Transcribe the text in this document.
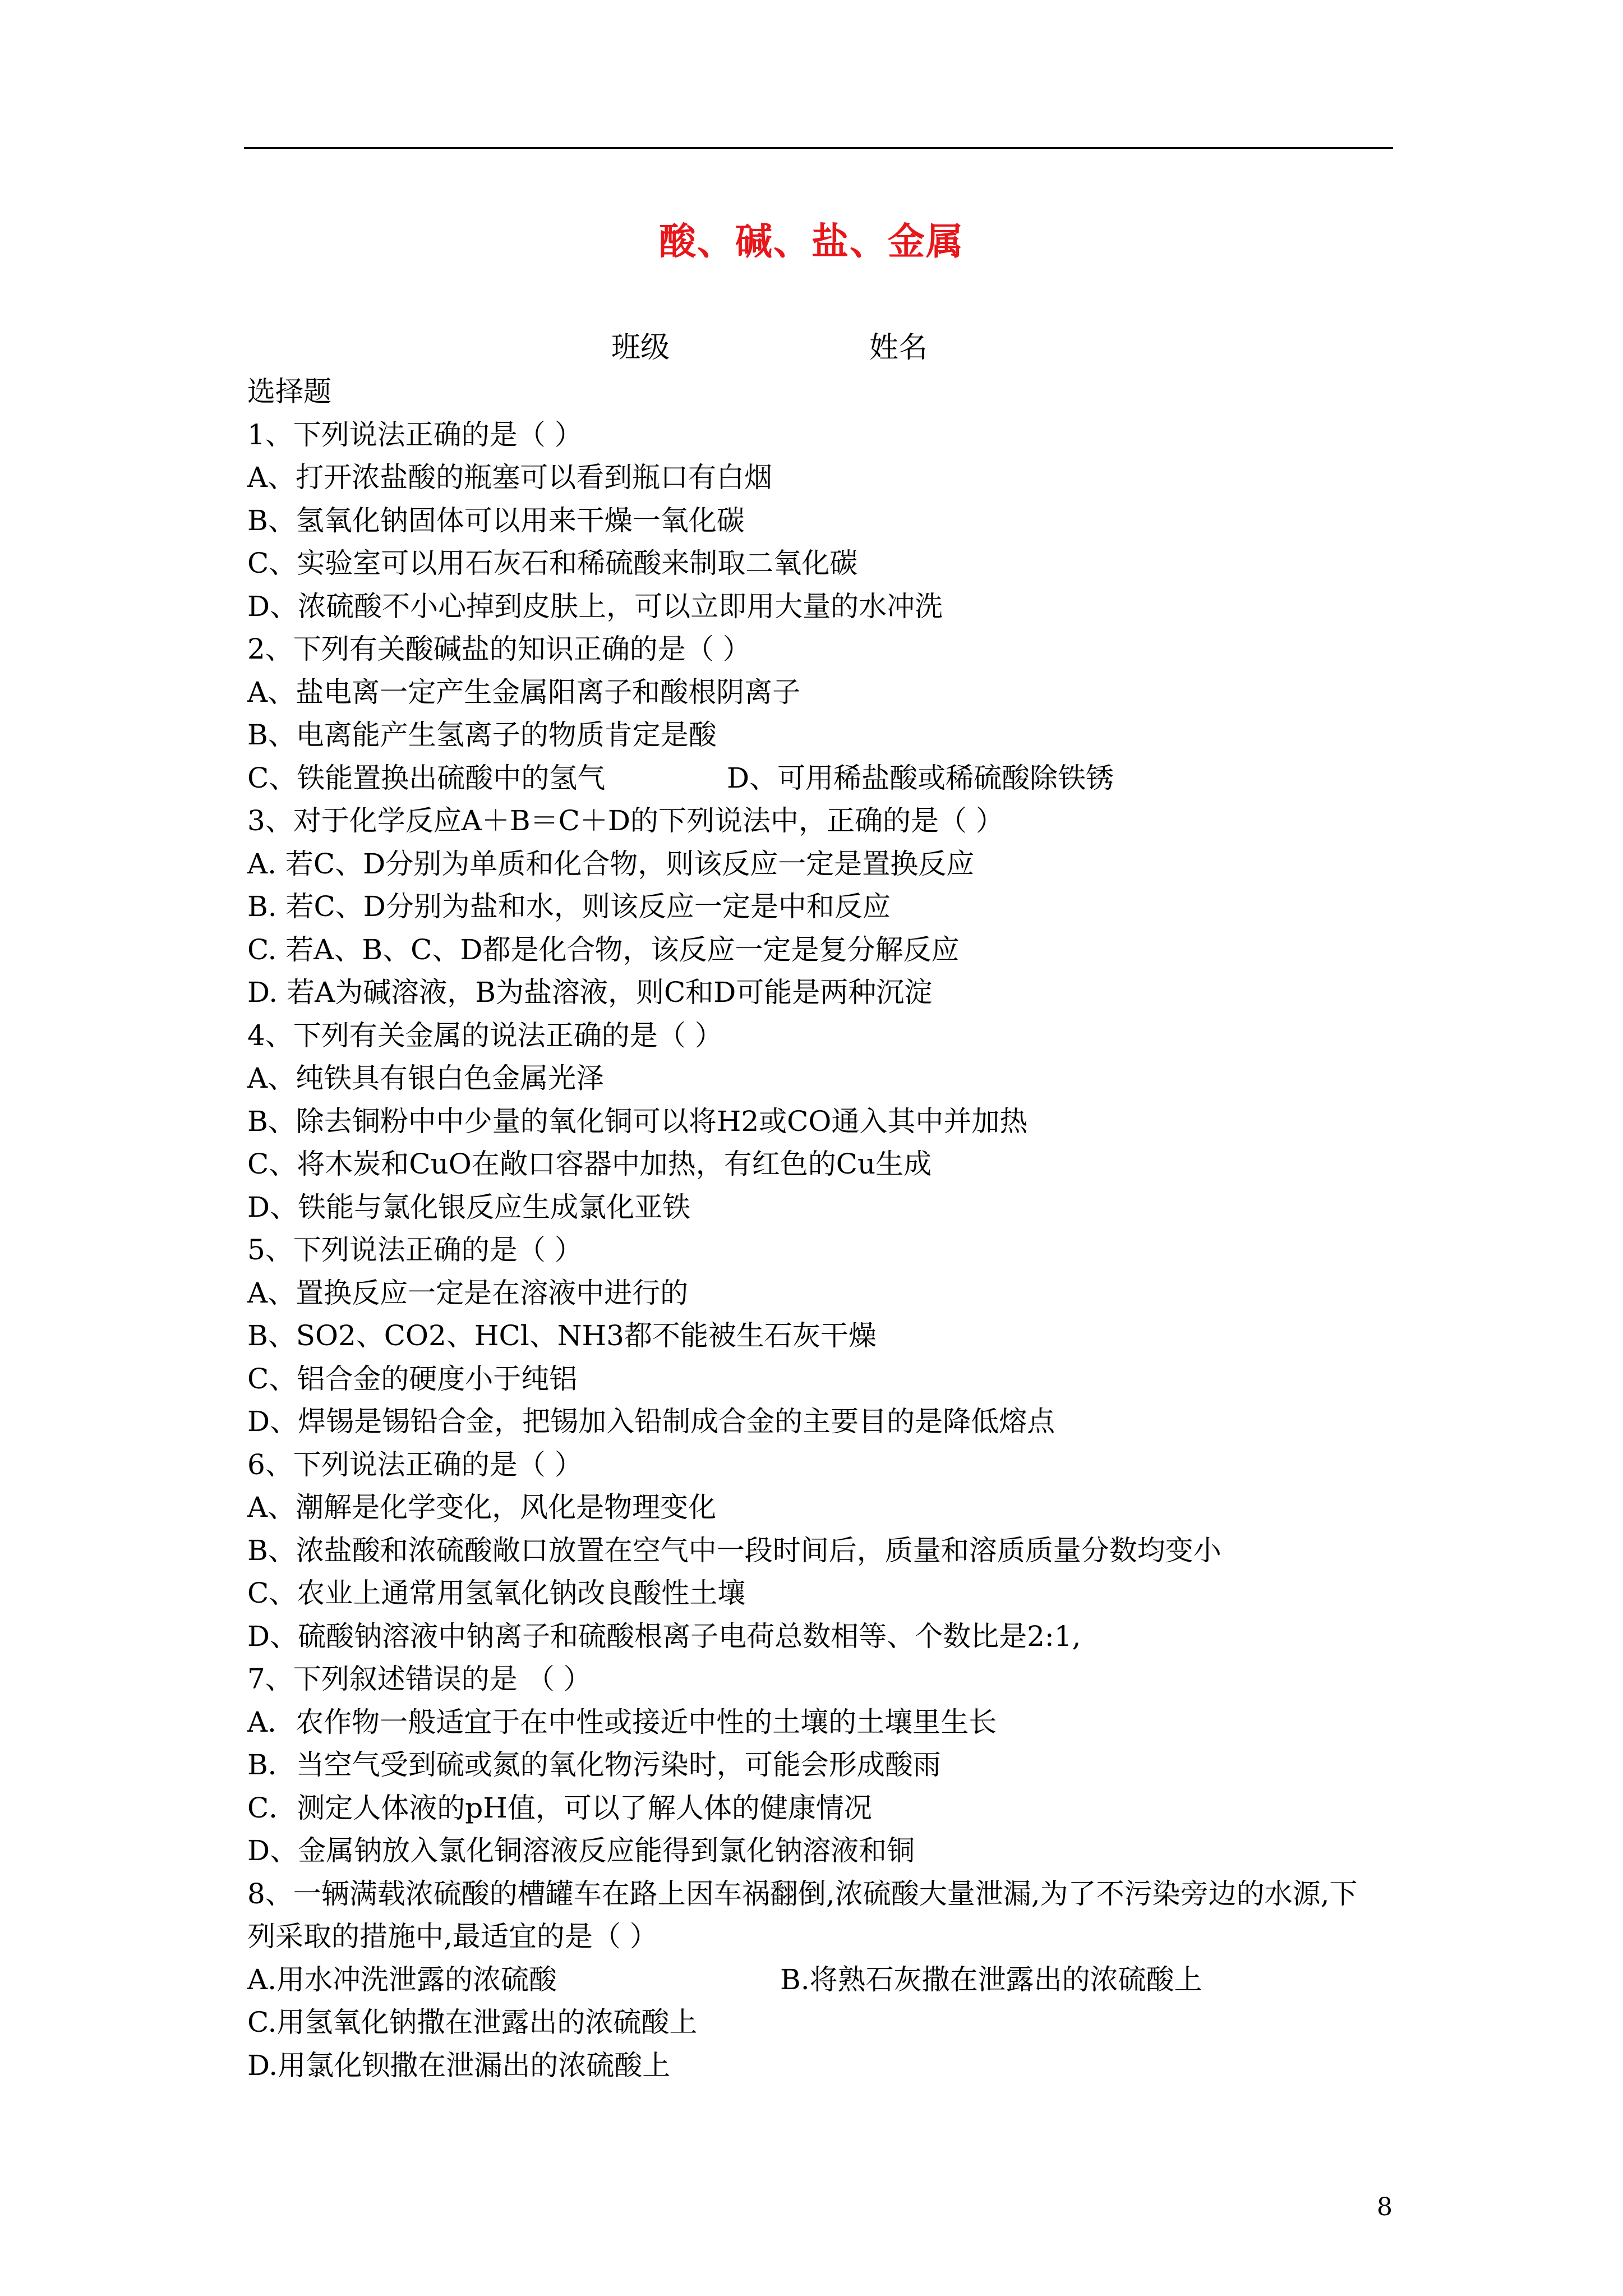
酸、碱、盐、金属
班级	姓名
选择题
1、下列说法正确的是（ ）
A、打开浓盐酸的瓶塞可以看到瓶口有白烟
B、氢氧化钠固体可以用来干燥一氧化碳
C、实验室可以用石灰石和稀硫酸来制取二氧化碳
D、浓硫酸不小心掉到皮肤上，可以立即用大量的水冲洗
2、下列有关酸碱盐的知识正确的是（ ）
A、盐电离一定产生金属阳离子和酸根阴离子
B、电离能产生氢离子的物质肯定是酸
C、铁能置换出硫酸中的氢气	D、可用稀盐酸或稀硫酸除铁锈
3、对于化学反应A＋B＝C＋D的下列说法中，正确的是（ ）
A. 若C、D分别为单质和化合物，则该反应一定是置换反应
B. 若C、D分别为盐和水，则该反应一定是中和反应
C. 若A、B、C、D都是化合物，该反应一定是复分解反应
D. 若A为碱溶液，B为盐溶液，则C和D可能是两种沉淀
4、下列有关金属的说法正确的是（ ）
A、纯铁具有银白色金属光泽
B、除去铜粉中中少量的氧化铜可以将H2或CO通入其中并加热
C、将木炭和CuO在敞口容器中加热，有红色的Cu生成
D、铁能与氯化银反应生成氯化亚铁
5、下列说法正确的是（ ）
A、置换反应一定是在溶液中进行的
B、SO2、CO2、HCl、NH3都不能被生石灰干燥
C、铝合金的硬度小于纯铝
D、焊锡是锡铅合金，把锡加入铅制成合金的主要目的是降低熔点
6、下列说法正确的是（ ）
A、潮解是化学变化，风化是物理变化
B、浓盐酸和浓硫酸敞口放置在空气中一段时间后，质量和溶质质量分数均变小
C、农业上通常用氢氧化钠改良酸性土壤
D、硫酸钠溶液中钠离子和硫酸根离子电荷总数相等、个数比是2:1,
7、下列叙述错误的是 （ ）
A．农作物一般适宜于在中性或接近中性的土壤的土壤里生长
B．当空气受到硫或氮的氧化物污染时，可能会形成酸雨
C．测定人体液的pH值，可以了解人体的健康情况
D、金属钠放入氯化铜溶液反应能得到氯化钠溶液和铜
8、一辆满载浓硫酸的槽罐车在路上因车祸翻倒,浓硫酸大量泄漏,为了不污染旁边的水源,下
列采取的措施中,最适宜的是（ ）
A.用水冲洗泄露的浓硫酸	B.将熟石灰撒在泄露出的浓硫酸上
C.用氢氧化钠撒在泄露出的浓硫酸上
D.用氯化钡撒在泄漏出的浓硫酸上
8
